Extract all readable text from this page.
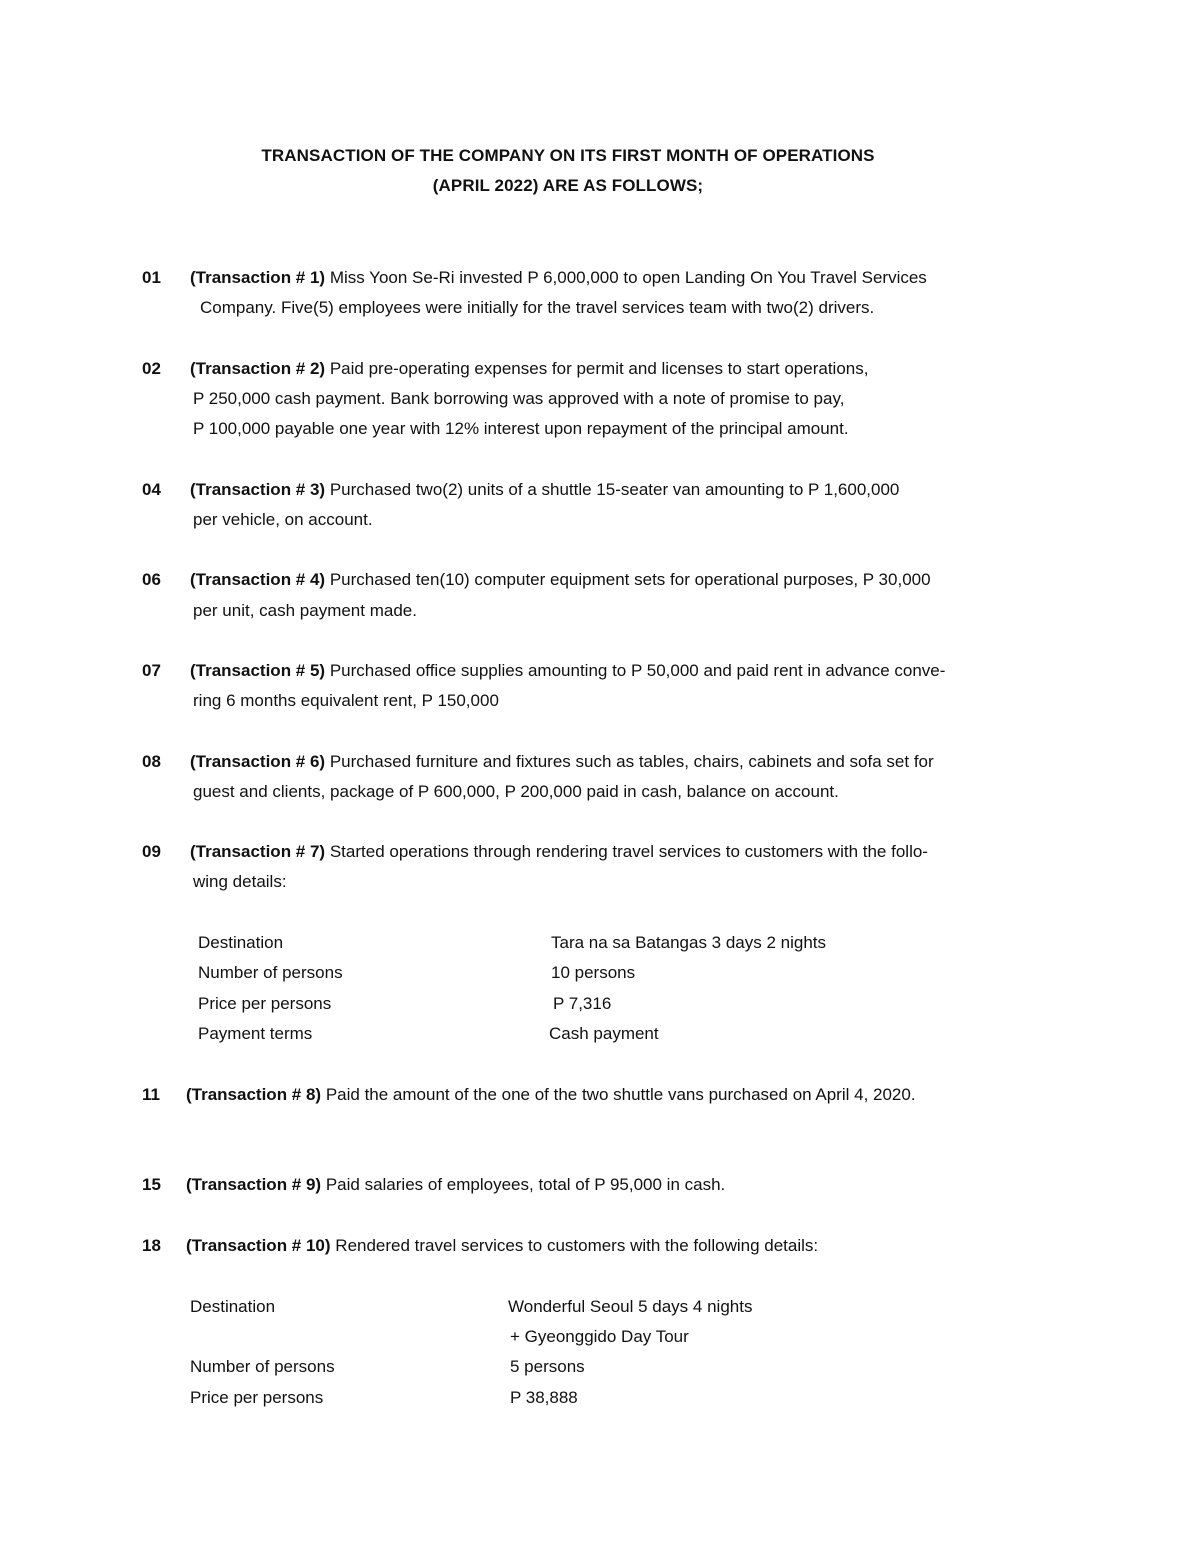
TRANSACTION OF THE COMPANY ON ITS FIRST MONTH OF OPERATIONS
(APRIL 2022) ARE AS FOLLOWS;
01 (Transaction # 1) Miss Yoon Se-Ri invested P 6,000,000 to open Landing On You Travel Services
Company. Five(5) employees were initially for the travel services team with two(2) drivers.
02 (Transaction # 2) Paid pre-operating expenses for permit and licenses to start operations,
P 250,000 cash payment. Bank borrowing was approved with a note of promise to pay,
P 100,000 payable one year with 12% interest upon repayment of the principal amount.
04 (Transaction # 3) Purchased two(2) units of a shuttle 15-seater van amounting to P 1,600,000
per vehicle, on account.
06 (Transaction # 4) Purchased ten(10) computer equipment sets for operational purposes, P 30,000
per unit, cash payment made.
07 (Transaction # 5) Purchased office supplies amounting to P 50,000 and paid rent in advance conve-
ring 6 months equivalent rent, P 150,000
08 (Transaction # 6) Purchased furniture and fixtures such as tables, chairs, cabinets and sofa set for
guest and clients, package of P 600,000, P 200,000 paid in cash, balance on account.
09 (Transaction # 7) Started operations through rendering travel services to customers with the follo-
wing details:
Destination	Tara na sa Batangas 3 days 2 nights
Number of persons	10 persons
Price per persons	P 7,316
Payment terms	Cash payment
11 (Transaction # 8) Paid the amount of the one of the two shuttle vans purchased on April 4, 2020.
15 (Transaction # 9) Paid salaries of employees, total of P 95,000 in cash.
18 (Transaction # 10) Rendered travel services to customers with the following details:
Destination	Wonderful Seoul 5 days 4 nights
+ Gyeonggido Day Tour
Number of persons	5 persons
Price per persons	P 38,888
